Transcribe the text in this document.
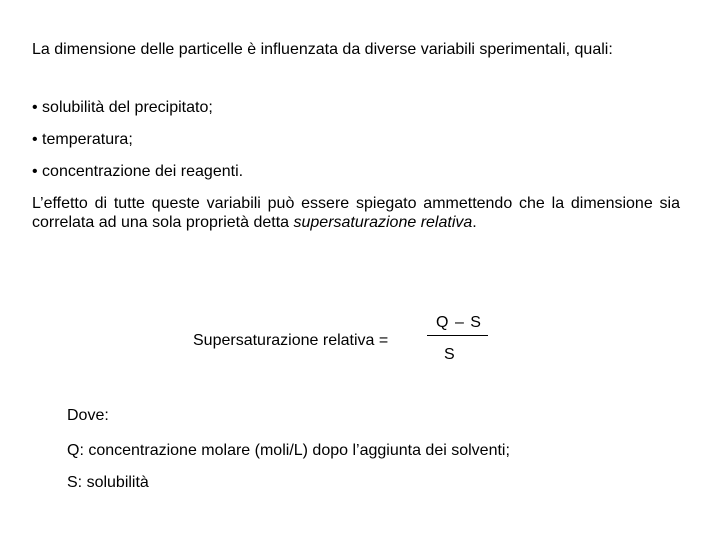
La dimensione delle particelle è influenzata da diverse variabili sperimentali, quali:
• solubilità del precipitato;
• temperatura;
• concentrazione dei reagenti.
L’effetto di tutte queste variabili può essere spiegato ammettendo che la dimensione sia correlata ad una sola proprietà detta supersaturazione relativa.
Supersaturazione relativa =
Q – S
S
Dove:
Q: concentrazione molare (moli/L) dopo l’aggiunta dei solventi;
S: solubilità
